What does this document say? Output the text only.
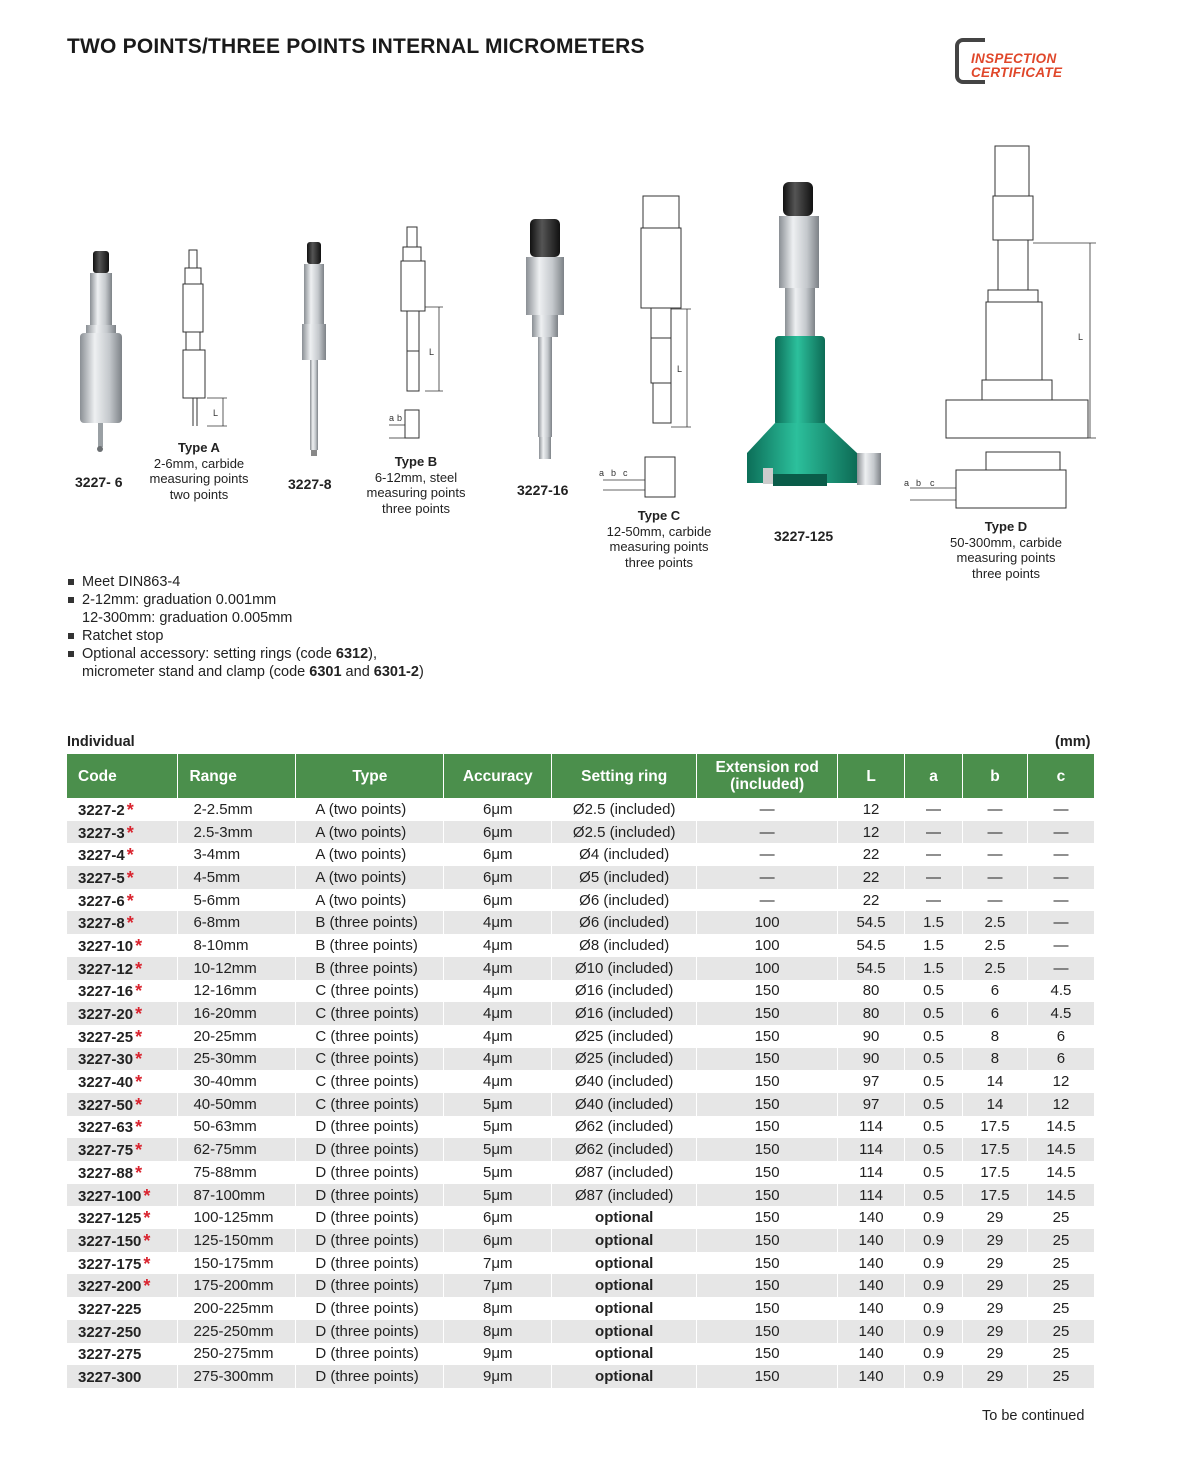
TWO POINTS/THREE POINTS INTERNAL MICROMETERS
INSPECTION
CERTIFICATE
3227- 6
L
Type A
2-6mm, carbide
measuring points
two points
3227-8
L
a b
Type B
6-12mm, steel
measuring points
three points
3227-16
L
a b c
Type C
12-50mm, carbide
measuring points
three points
3227-125
L
a b c
Type D
50-300mm, carbide
measuring points
three points
Meet DIN863-4
2-12mm: graduation 0.001mm
12-300mm: graduation 0.005mm
Ratchet stop
Optional accessory: setting rings (code 6312),
micrometer stand and clamp (code 6301 and 6301-2)
Individual	(mm)
Code	Range	Type	Accuracy	Setting ring	Extension rod
(included)	L	a	b	c
3227-2 *	2-2.5mm	A (two points)	6μm	Ø2.5 (included)	—	12	—	—	—
3227-3 *	2.5-3mm	A (two points)	6μm	Ø2.5 (included)	—	12	—	—	—
3227-4 *	3-4mm	A (two points)	6μm	Ø4 (included)	—	22	—	—	—
3227-5 *	4-5mm	A (two points)	6μm	Ø5 (included)	—	22	—	—	—
3227-6 *	5-6mm	A (two points)	6μm	Ø6 (included)	—	22	—	—	—
3227-8 *	6-8mm	B (three points)	4μm	Ø6 (included)	100	54.5	1.5	2.5	—
3227-10 *	8-10mm	B (three points)	4μm	Ø8 (included)	100	54.5	1.5	2.5	—
3227-12 *	10-12mm	B (three points)	4μm	Ø10 (included)	100	54.5	1.5	2.5	—
3227-16 *	12-16mm	C (three points)	4μm	Ø16 (included)	150	80	0.5	6	4.5
3227-20 *	16-20mm	C (three points)	4μm	Ø16 (included)	150	80	0.5	6	4.5
3227-25 *	20-25mm	C (three points)	4μm	Ø25 (included)	150	90	0.5	8	6
3227-30 *	25-30mm	C (three points)	4μm	Ø25 (included)	150	90	0.5	8	6
3227-40 *	30-40mm	C (three points)	4μm	Ø40 (included)	150	97	0.5	14	12
3227-50 *	40-50mm	C (three points)	5μm	Ø40 (included)	150	97	0.5	14	12
3227-63 *	50-63mm	D (three points)	5μm	Ø62 (included)	150	114	0.5	17.5	14.5
3227-75 *	62-75mm	D (three points)	5μm	Ø62 (included)	150	114	0.5	17.5	14.5
3227-88 *	75-88mm	D (three points)	5μm	Ø87 (included)	150	114	0.5	17.5	14.5
3227-100 *	87-100mm	D (three points)	5μm	Ø87 (included)	150	114	0.5	17.5	14.5
3227-125 *	100-125mm	D (three points)	6μm	optional	150	140	0.9	29	25
3227-150 *	125-150mm	D (three points)	6μm	optional	150	140	0.9	29	25
3227-175 *	150-175mm	D (three points)	7μm	optional	150	140	0.9	29	25
3227-200 *	175-200mm	D (three points)	7μm	optional	150	140	0.9	29	25
3227-225	200-225mm	D (three points)	8μm	optional	150	140	0.9	29	25
3227-250	225-250mm	D (three points)	8μm	optional	150	140	0.9	29	25
3227-275	250-275mm	D (three points)	9μm	optional	150	140	0.9	29	25
3227-300	275-300mm	D (three points)	9μm	optional	150	140	0.9	29	25
To be continued
